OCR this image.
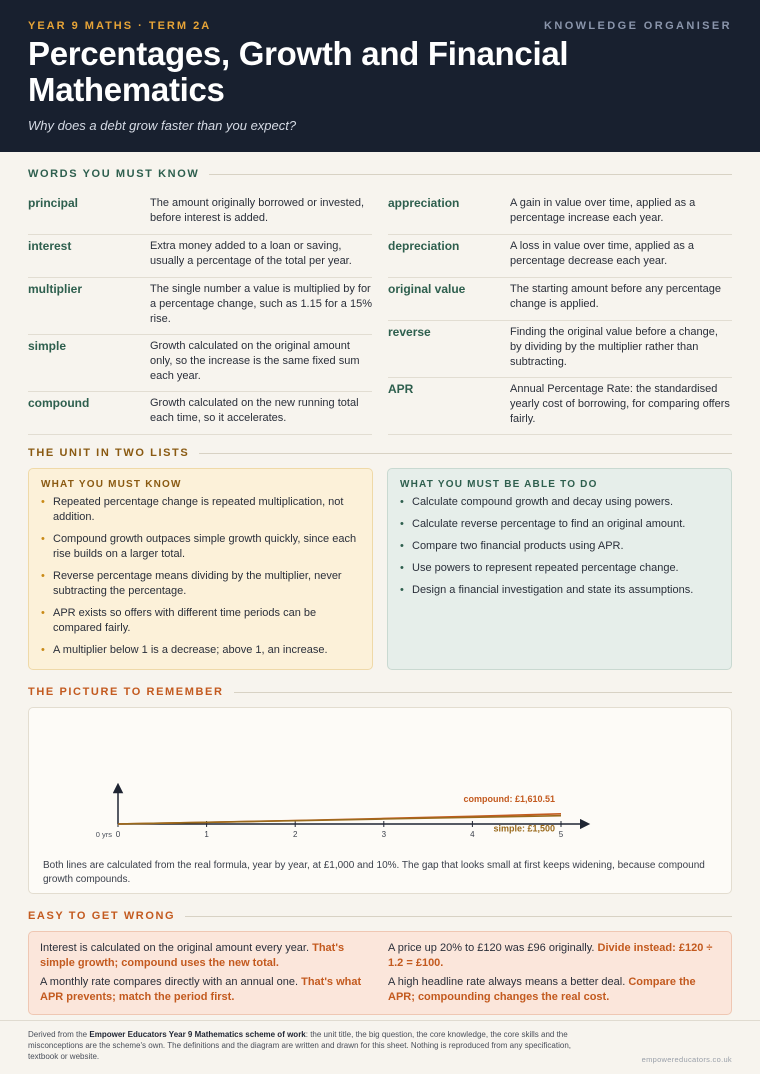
YEAR 9 MATHS · TERM 2A	KNOWLEDGE ORGANISER
Percentages, Growth and Financial Mathematics
Why does a debt grow faster than you expect?
WORDS YOU MUST KNOW
principal	The amount originally borrowed or invested, before interest is added.
interest	Extra money added to a loan or saving, usually a percentage of the total per year.
multiplier	The single number a value is multiplied by for a percentage change, such as 1.15 for a 15% rise.
simple	Growth calculated on the original amount only, so the increase is the same fixed sum each year.
compound	Growth calculated on the new running total each time, so it accelerates.
appreciation	A gain in value over time, applied as a percentage increase each year.
depreciation	A loss in value over time, applied as a percentage decrease each year.
original value	The starting amount before any percentage change is applied.
reverse	Finding the original value before a change, by dividing by the multiplier rather than subtracting.
APR	Annual Percentage Rate: the standardised yearly cost of borrowing, for comparing offers fairly.
THE UNIT IN TWO LISTS
WHAT YOU MUST KNOW
• Repeated percentage change is repeated multiplication, not addition.
• Compound growth outpaces simple growth quickly, since each rise builds on a larger total.
• Reverse percentage means dividing by the multiplier, never subtracting the percentage.
• APR exists so offers with different time periods can be compared fairly.
• A multiplier below 1 is a decrease; above 1, an increase.
WHAT YOU MUST BE ABLE TO DO
• Calculate compound growth and decay using powers.
• Calculate reverse percentage to find an original amount.
• Compare two financial products using APR.
• Use powers to represent repeated percentage change.
• Design a financial investigation and state its assumptions.
THE PICTURE TO REMEMBER
0 yrs 0	1	2	3	4	5
compound: £1,610.51
simple: £1,500
Both lines are calculated from the real formula, year by year, at £1,000 and 10%. The gap that looks small at first keeps widening, because compound growth compounds.
EASY TO GET WRONG
Interest is calculated on the original amount every year. That's simple growth; compound uses the new total.
A price up 20% to £120 was £96 originally. Divide instead: £120 ÷ 1.2 = £100.
A monthly rate compares directly with an annual one. That's what APR prevents; match the period first.
A high headline rate always means a better deal. Compare the APR; compounding changes the real cost.
Derived from the Empower Educators Year 9 Mathematics scheme of work: the unit title, the big question, the core knowledge, the core skills and the misconceptions are the scheme's own. The definitions and the diagram are written and drawn for this sheet. Nothing is reproduced from any specification, textbook or website.	empowereducators.co.uk
